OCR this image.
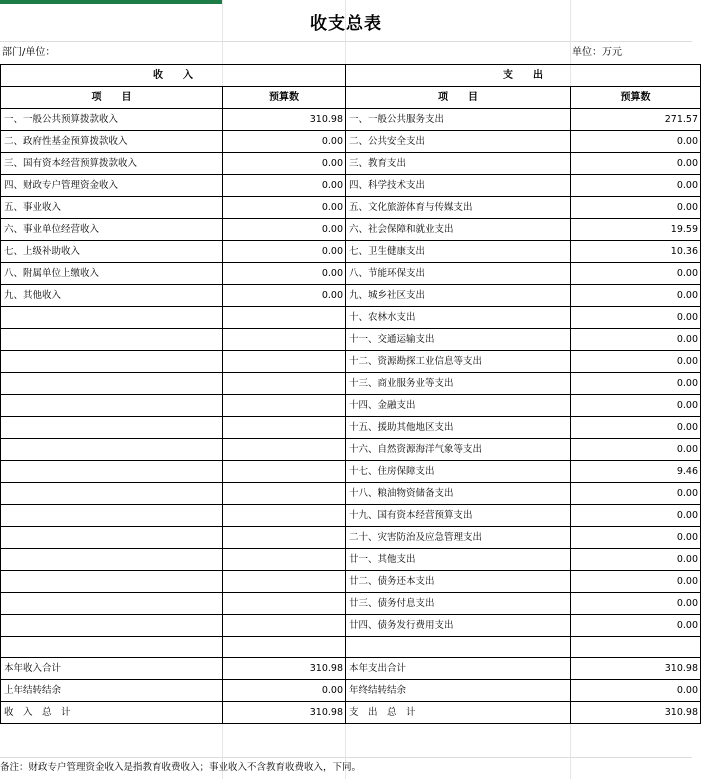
收支总表
部门/单位：	单位：万元
收　　入		支　　出	
项　　目	预算数	项　　目	预算数
一、一般公共预算拨款收入	310.98	一、一般公共服务支出	271.57
二、政府性基金预算拨款收入	0.00	二、公共安全支出	0.00
三、国有资本经营预算拨款收入	0.00	三、教育支出	0.00
四、财政专户管理资金收入	0.00	四、科学技术支出	0.00
五、事业收入	0.00	五、文化旅游体育与传媒支出	0.00
六、事业单位经营收入	0.00	六、社会保障和就业支出	19.59
七、上级补助收入	0.00	七、卫生健康支出	10.36
八、附属单位上缴收入	0.00	八、节能环保支出	0.00
九、其他收入	0.00	九、城乡社区支出	0.00
		十、农林水支出	0.00
		十一、交通运输支出	0.00
		十二、资源勘探工业信息等支出	0.00
		十三、商业服务业等支出	0.00
		十四、金融支出	0.00
		十五、援助其他地区支出	0.00
		十六、自然资源海洋气象等支出	0.00
		十七、住房保障支出	9.46
		十八、粮油物资储备支出	0.00
		十九、国有资本经营预算支出	0.00
		二十、灾害防治及应急管理支出	0.00
		廿一、其他支出	0.00
		廿二、债务还本支出	0.00
		廿三、债务付息支出	0.00
		廿四、债务发行费用支出	0.00

本年收入合计	310.98	本年支出合计	310.98
上年结转结余	0.00	年终结转结余	0.00
收　入　总　计	310.98	支　出　总　计	310.98
备注：财政专户管理资金收入是指教育收费收入；事业收入不含教育收费收入，下同。
